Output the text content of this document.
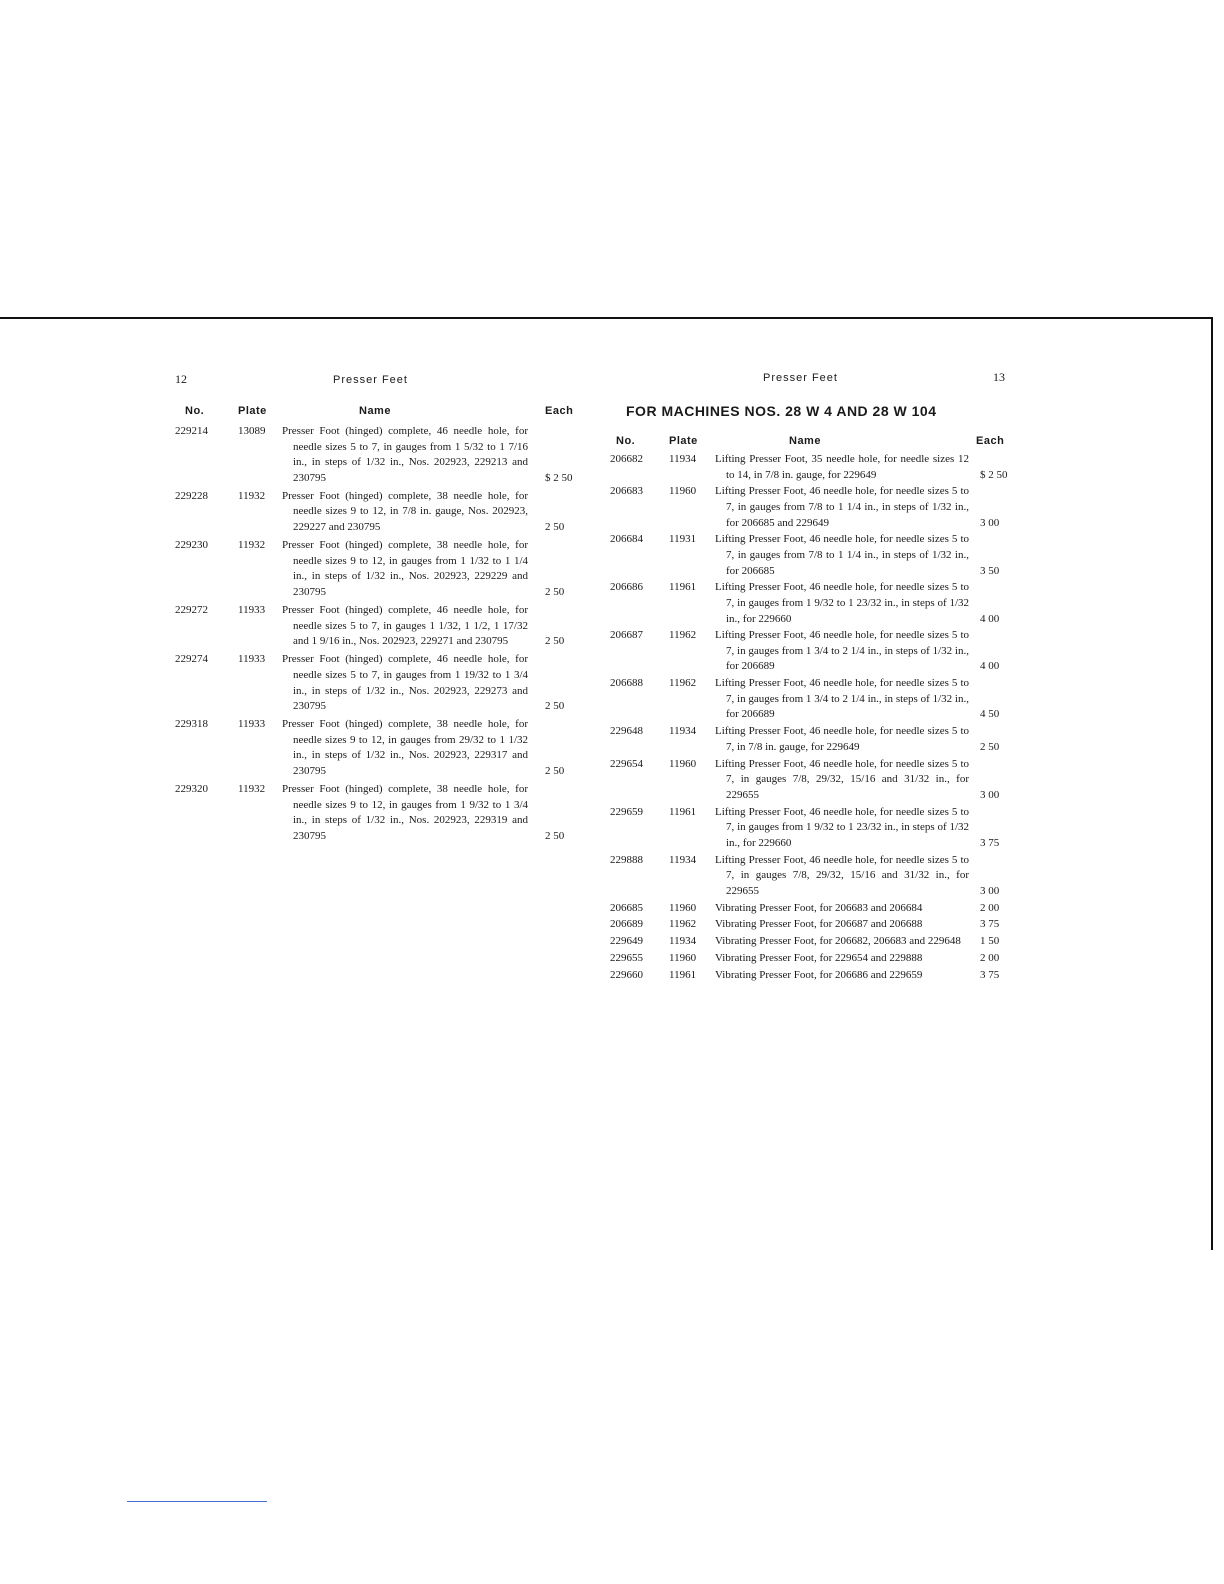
12	Presser Feet
No.	Plate	Name	Each
229214	13089 Presser Foot (hinged) complete, 46 needle hole, for needle sizes 5 to 7, in gauges from 1 5/32 to 1 7/16 in., in steps of 1/32 in., Nos. 202923, 229213 and 230795	$ 2 50
229228	11932 Presser Foot (hinged) complete, 38 needle hole, for needle sizes 9 to 12, in 7/8 in. gauge, Nos. 202923, 229227 and 230795	2 50
229230	11932 Presser Foot (hinged) complete, 38 needle hole, for needle sizes 9 to 12, in gauges from 1 1/32 to 1 1/4 in., in steps of 1/32 in., Nos. 202923, 229229 and 230795	2 50
229272	11933 Presser Foot (hinged) complete, 46 needle hole, for needle sizes 5 to 7, in gauges 1 1/32, 1 1/2, 1 17/32 and 1 9/16 in., Nos. 202923, 229271 and 230795	2 50
229274	11933 Presser Foot (hinged) complete, 46 needle hole, for needle sizes 5 to 7, in gauges from 1 19/32 to 1 3/4 in., in steps of 1/32 in., Nos. 202923, 229273 and 230795	2 50
229318	11933 Presser Foot (hinged) complete, 38 needle hole, for needle sizes 9 to 12, in gauges from 29/32 to 1 1/32 in., in steps of 1/32 in., Nos. 202923, 229317 and 230795	2 50
229320	11932 Presser Foot (hinged) complete, 38 needle hole, for needle sizes 9 to 12, in gauges from 1 9/32 to 1 3/4 in., in steps of 1/32 in., Nos. 202923, 229319 and 230795	2 50
Presser Feet	13
FOR MACHINES NOS. 28 W 4 AND 28 W 104
No.	Plate	Name	Each
206682 11934 Lifting Presser Foot, 35 needle hole, for needle sizes 12 to 14, in 7/8 in. gauge, for 229649	$ 2 50
206683 11960 Lifting Presser Foot, 46 needle hole, for needle sizes 5 to 7, in gauges from 7/8 to 1 1/4 in., in steps of 1/32 in., for 206685 and 229649	3 00
206684 11931 Lifting Presser Foot, 46 needle hole, for needle sizes 5 to 7, in gauges from 7/8 to 1 1/4 in., in steps of 1/32 in., for 206685	3 50
206686 11961 Lifting Presser Foot, 46 needle hole, for needle sizes 5 to 7, in gauges from 1 9/32 to 1 23/32 in., in steps of 1/32 in., for 229660	4 00
206687 11962 Lifting Presser Foot, 46 needle hole, for needle sizes 5 to 7, in gauges from 1 3/4 to 2 1/4 in., in steps of 1/32 in., for 206689	4 00
206688 11962 Lifting Presser Foot, 46 needle hole, for needle sizes 5 to 7, in gauges from 1 3/4 to 2 1/4 in., in steps of 1/32 in., for 206689	4 50
229648 11934 Lifting Presser Foot, 46 needle hole, for needle sizes 5 to 7, in 7/8 in. gauge, for 229649	2 50
229654 11960 Lifting Presser Foot, 46 needle hole, for needle sizes 5 to 7, in gauges 7/8, 29/32, 15/16 and 31/32 in., for 229655	3 00
229659 11961 Lifting Presser Foot, 46 needle hole, for needle sizes 5 to 7, in gauges from 1 9/32 to 1 23/32 in., in steps of 1/32 in., for 229660	3 75
229888 11934 Lifting Presser Foot, 46 needle hole, for needle sizes 5 to 7, in gauges 7/8, 29/32, 15/16 and 31/32 in., for 229655	3 00
206685 11960 Vibrating Presser Foot, for 206683 and 206684	2 00
206689 11962 Vibrating Presser Foot, for 206687 and 206688	3 75
229649 11934 Vibrating Presser Foot, for 206682, 206683 and 229648	1 50
229655 11960 Vibrating Presser Foot, for 229654 and 229888	2 00
229660 11961 Vibrating Presser Foot, for 206686 and 229659	3 75
